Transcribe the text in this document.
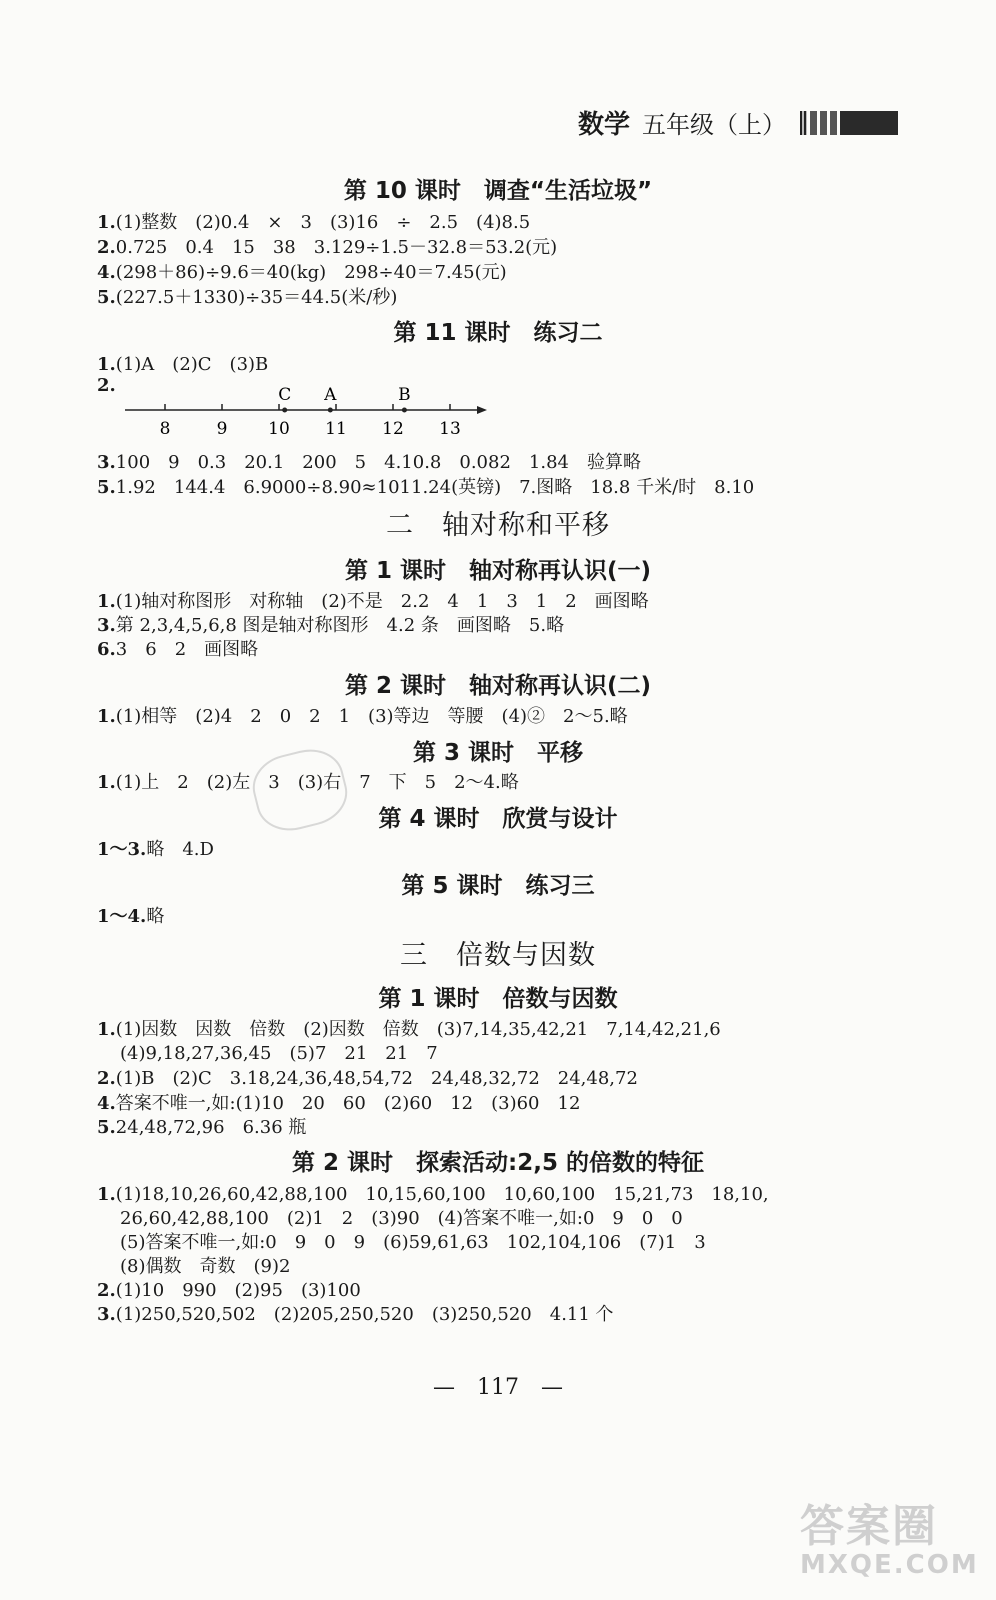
数学 五年级（上）
第 10 课时　调查“生活垃圾”
1.(1)整数　(2)0.4　×　3　(3)16　÷　2.5　(4)8.5
2.0.725　0.4　15　38　3.129÷1.5－32.8＝53.2(元)
4.(298＋86)÷9.6＝40(kg)　298÷40＝7.45(元)
5.(227.5＋1330)÷35＝44.5(米/秒)
第 11 课时　练习二
1.(1)A　(2)C　(3)B
2.
8	9 10 11 12 13
C A	B
3.100　9　0.3　20.1　200　5　4.10.8　0.082　1.84　验算略
5.1.92　144.4　6.9000÷8.90≈1011.24(英镑)　7.图略　18.8 千米/时　8.10
二　轴对称和平移
第 1 课时　轴对称再认识(一)
1.(1)轴对称图形　对称轴　(2)不是　2.2　4　1　3　1　2　画图略
3.第 2,3,4,5,6,8 图是轴对称图形　4.2 条　画图略　5.略
6.3　6　2　画图略
第 2 课时　轴对称再认识(二)
1.(1)相等　(2)4　2　0　2　1　(3)等边　等腰　(4)②　2～5.略
第 3 课时　平移
1.(1)上　2　(2)左　3　(3)右　7　下　5　2～4.略
第 4 课时　欣赏与设计
1～3.略　4.D
第 5 课时　练习三
1～4.略
三　倍数与因数
第 1 课时　倍数与因数
1.(1)因数　因数　倍数　(2)因数　倍数　(3)7,14,35,42,21　7,14,42,21,6
(4)9,18,27,36,45　(5)7　21　21　7
2.(1)B　(2)C　3.18,24,36,48,54,72　24,48,32,72　24,48,72
4.答案不唯一,如:(1)10　20　60　(2)60　12　(3)60　12
5.24,48,72,96　6.36 瓶
第 2 课时　探索活动:2,5 的倍数的特征
1.(1)18,10,26,60,42,88,100　10,15,60,100　10,60,100　15,21,73　18,10,
26,60,42,88,100　(2)1　2　(3)90　(4)答案不唯一,如:0　9　0　0
(5)答案不唯一,如:0　9　0　9　(6)59,61,63　102,104,106　(7)1　3
(8)偶数　奇数　(9)2
2.(1)10　990　(2)95　(3)100
3.(1)250,520,502　(2)205,250,520　(3)250,520　4.11 个
—　117　—
答案圈
MXQE.COM
